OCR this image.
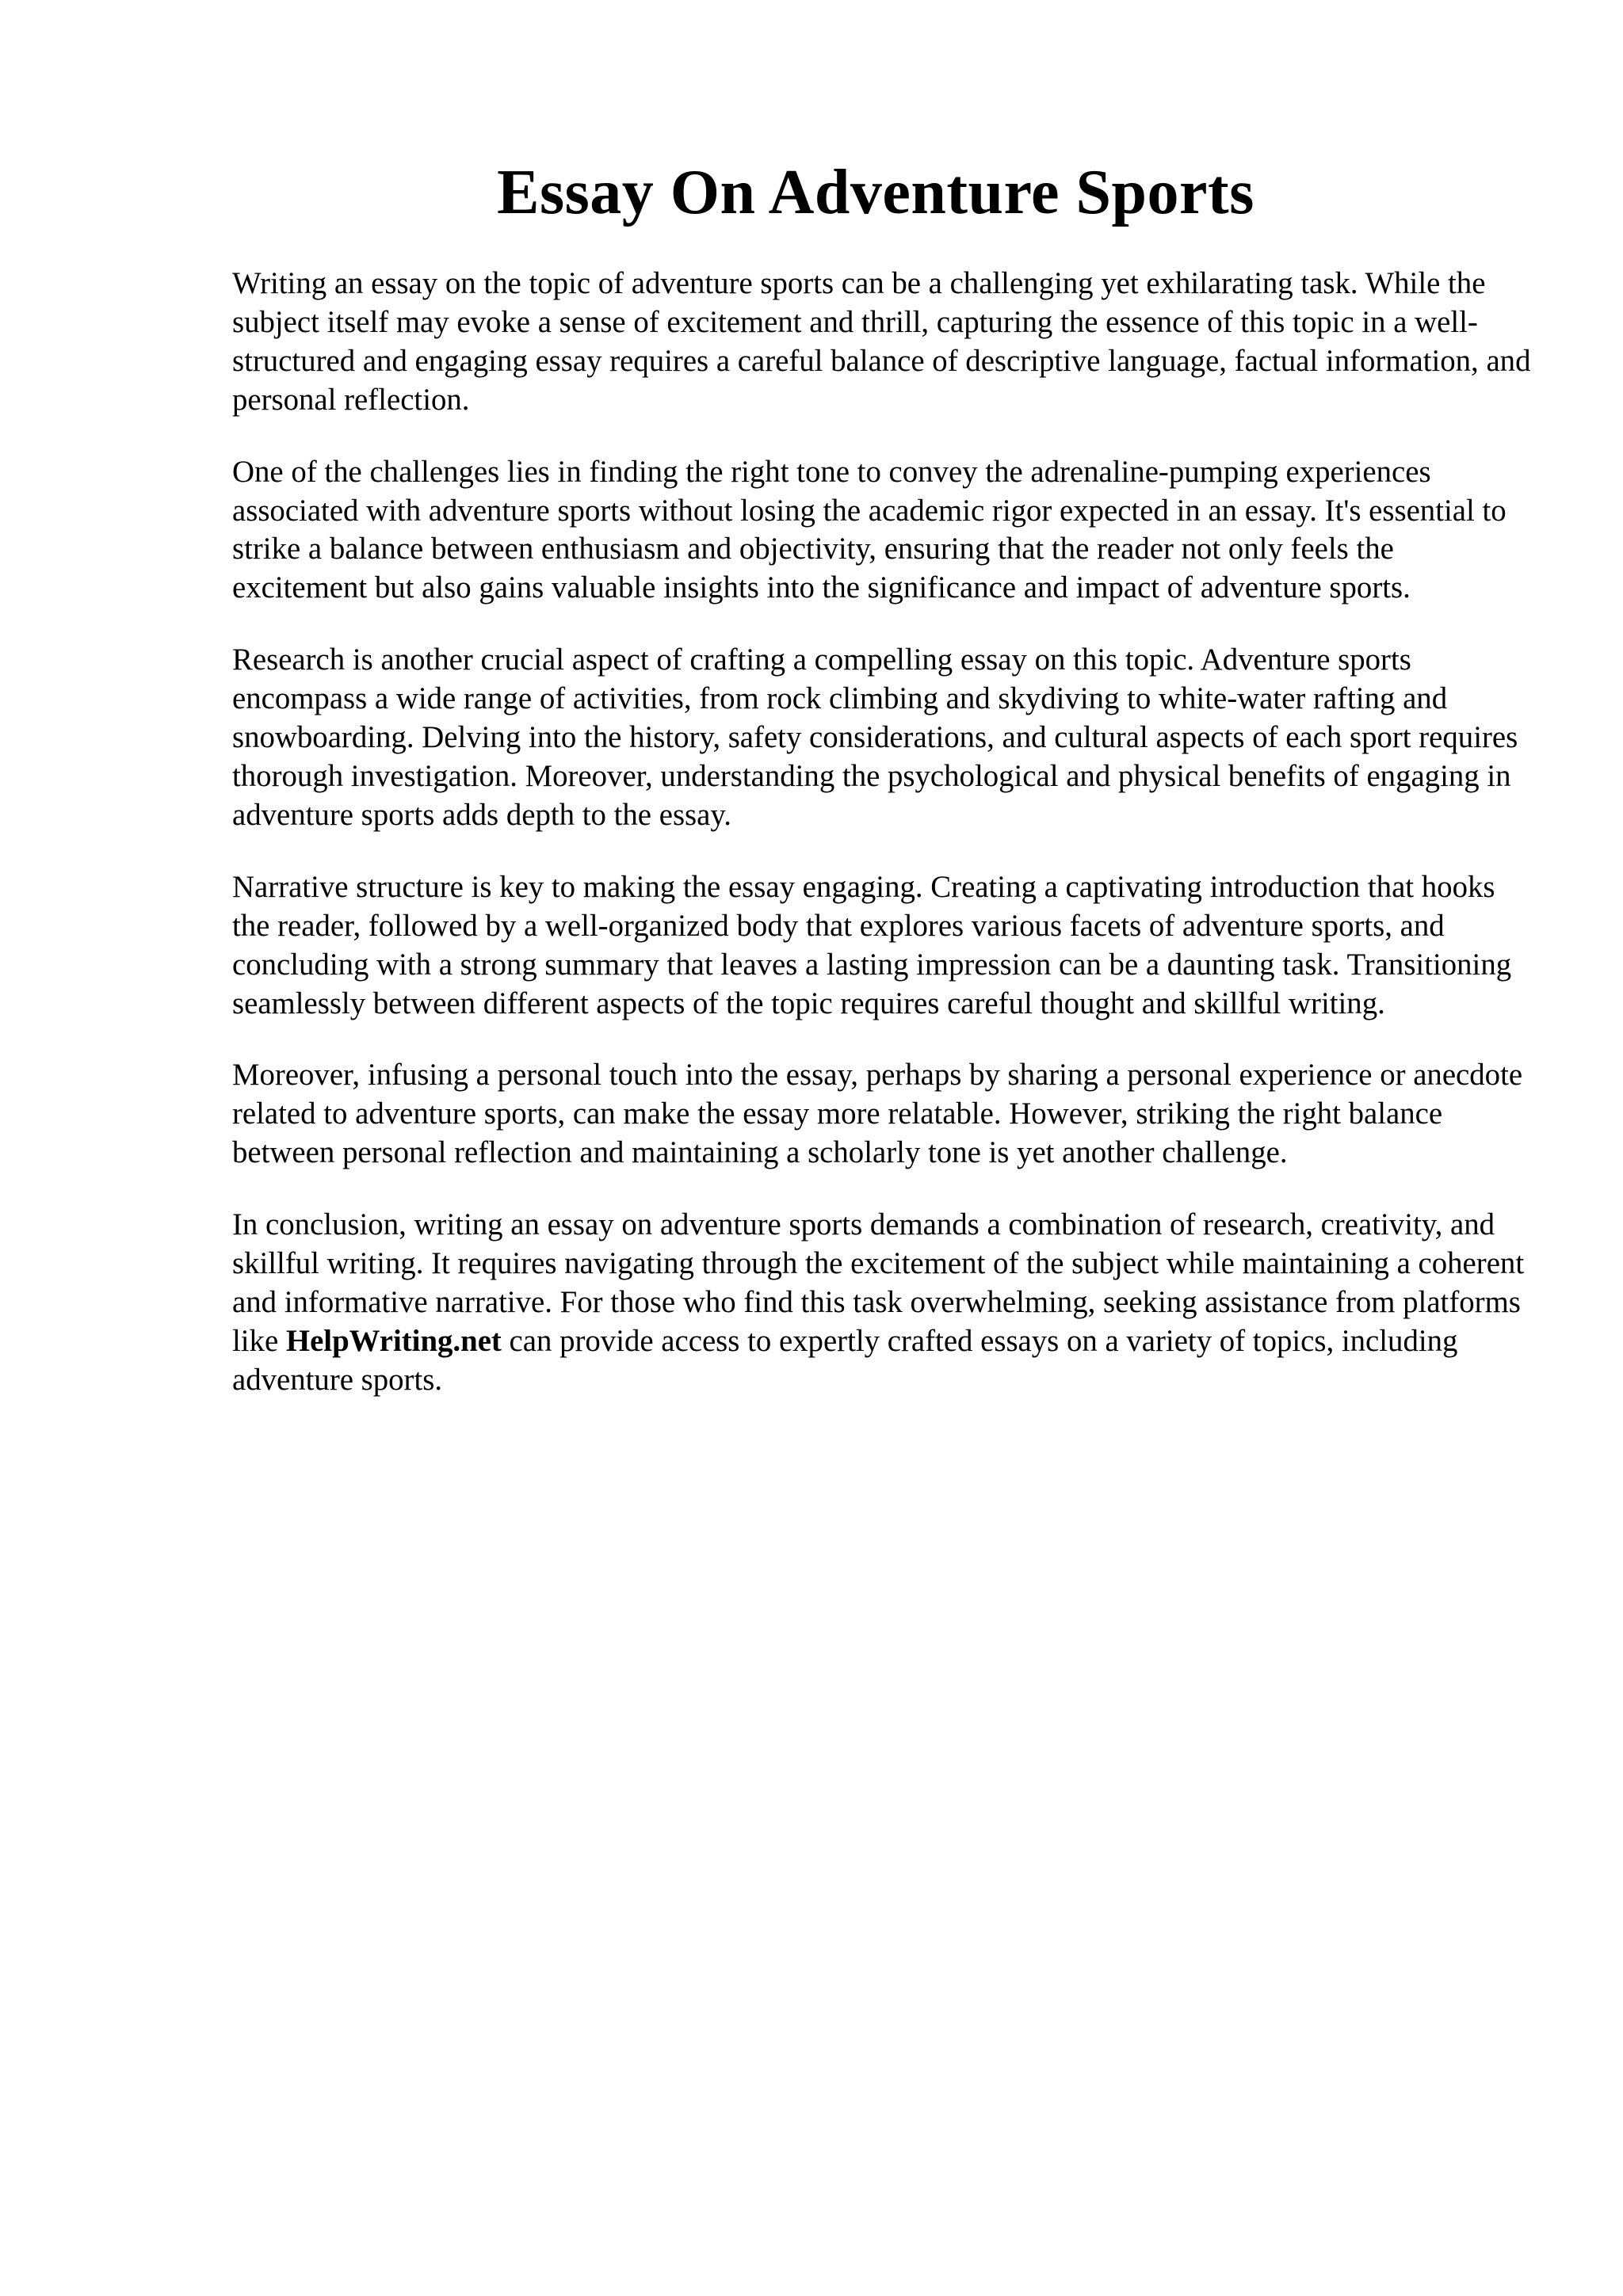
Essay On Adventure Sports

Writing an essay on the topic of adventure sports can be a challenging yet exhilarating task. While the subject itself may evoke a sense of excitement and thrill, capturing the essence of this topic in a well-structured and engaging essay requires a careful balance of descriptive language, factual information, and personal reflection.

One of the challenges lies in finding the right tone to convey the adrenaline-pumping experiences associated with adventure sports without losing the academic rigor expected in an essay. It's essential to strike a balance between enthusiasm and objectivity, ensuring that the reader not only feels the excitement but also gains valuable insights into the significance and impact of adventure sports.

Research is another crucial aspect of crafting a compelling essay on this topic. Adventure sports encompass a wide range of activities, from rock climbing and skydiving to white-water rafting and snowboarding. Delving into the history, safety considerations, and cultural aspects of each sport requires thorough investigation. Moreover, understanding the psychological and physical benefits of engaging in adventure sports adds depth to the essay.

Narrative structure is key to making the essay engaging. Creating a captivating introduction that hooks the reader, followed by a well-organized body that explores various facets of adventure sports, and concluding with a strong summary that leaves a lasting impression can be a daunting task. Transitioning seamlessly between different aspects of the topic requires careful thought and skillful writing.

Moreover, infusing a personal touch into the essay, perhaps by sharing a personal experience or anecdote related to adventure sports, can make the essay more relatable. However, striking the right balance between personal reflection and maintaining a scholarly tone is yet another challenge.

In conclusion, writing an essay on adventure sports demands a combination of research, creativity, and skillful writing. It requires navigating through the excitement of the subject while maintaining a coherent and informative narrative. For those who find this task overwhelming, seeking assistance from platforms like HelpWriting.net can provide access to expertly crafted essays on a variety of topics, including adventure sports.
